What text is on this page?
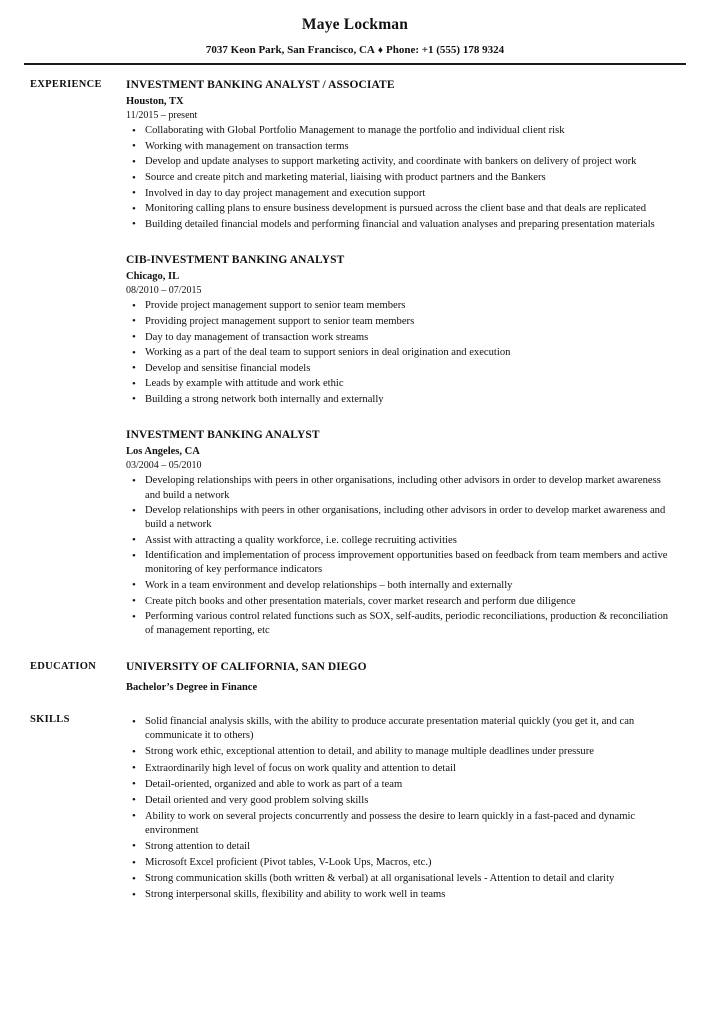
Maye Lockman
7037 Keon Park, San Francisco, CA ♦ Phone: +1 (555) 178 9324
EXPERIENCE	INVESTMENT BANKING ANALYST / ASSOCIATE
Houston, TX
11/2015 – present
• Collaborating with Global Portfolio Management to manage the portfolio and individual client risk
• Working with management on transaction terms
• Develop and update analyses to support marketing activity, and coordinate with bankers on delivery of project work
• Source and create pitch and marketing material, liaising with product partners and the Bankers
• Involved in day to day project management and execution support
• Monitoring calling plans to ensure business development is pursued across the client base and that deals are replicated
• Building detailed financial models and performing financial and valuation analyses and preparing presentation materials
CIB-INVESTMENT BANKING ANALYST
Chicago, IL
08/2010 – 07/2015
• Provide project management support to senior team members
• Providing project management support to senior team members
• Day to day management of transaction work streams
• Working as a part of the deal team to support seniors in deal origination and execution
• Develop and sensitise financial models
• Leads by example with attitude and work ethic
• Building a strong network both internally and externally
INVESTMENT BANKING ANALYST
Los Angeles, CA
03/2004 – 05/2010
• Developing relationships with peers in other organisations, including other advisors in order to develop market awareness and build a network
• Develop relationships with peers in other organisations, including other advisors in order to develop market awareness and build a network
• Assist with attracting a quality workforce, i.e. college recruiting activities
• Identification and implementation of process improvement opportunities based on feedback from team members and active monitoring of key performance indicators
• Work in a team environment and develop relationships – both internally and externally
• Create pitch books and other presentation materials, cover market research and perform due diligence
• Performing various control related functions such as SOX, self-audits, periodic reconciliations, production & reconciliation of management reporting, etc
EDUCATION	UNIVERSITY OF CALIFORNIA, SAN DIEGO
Bachelor’s Degree in Finance
SKILLS	• Solid financial analysis skills, with the ability to produce accurate presentation material quickly (you get it, and can communicate it to others)
• Strong work ethic, exceptional attention to detail, and ability to manage multiple deadlines under pressure
• Extraordinarily high level of focus on work quality and attention to detail
• Detail-oriented, organized and able to work as part of a team
• Detail oriented and very good problem solving skills
• Ability to work on several projects concurrently and possess the desire to learn quickly in a fast-paced and dynamic environment
• Strong attention to detail
• Microsoft Excel proficient (Pivot tables, V-Look Ups, Macros, etc.)
• Strong communication skills (both written & verbal) at all organisational levels - Attention to detail and clarity
• Strong interpersonal skills, flexibility and ability to work well in teams
